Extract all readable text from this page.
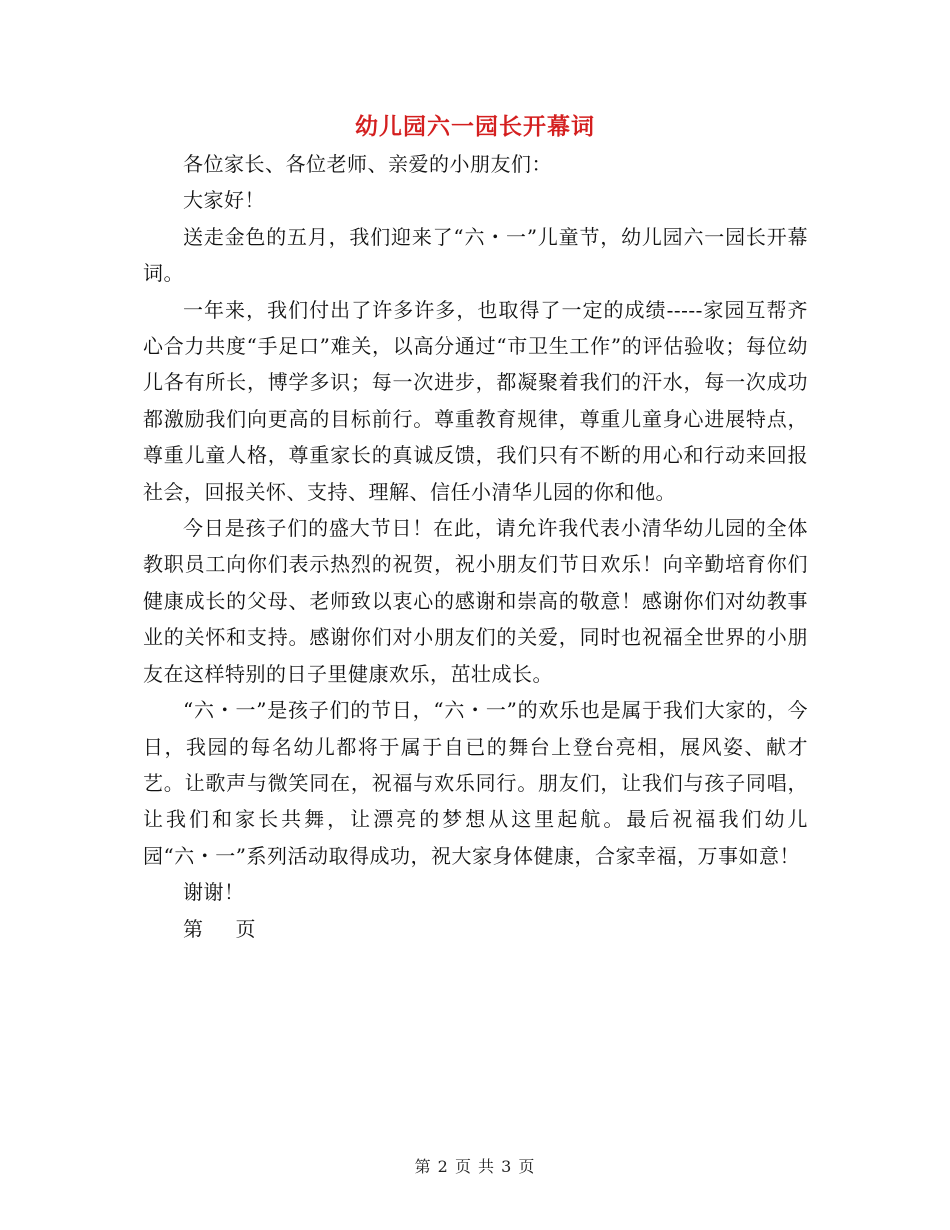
幼儿园六一园长开幕词

各位家长、各位老师、亲爱的小朋友们：

大家好！

送走金色的五月，我们迎来了“六・一”儿童节，幼儿园六一园长开幕词。

一年来，我们付出了许多许多，也取得了一定的成绩-----家园互帮齐心合力共度“手足口”难关，以高分通过“市卫生工作”的评估验收；每位幼儿各有所长，博学多识；每一次进步，都凝聚着我们的汗水，每一次成功都激励我们向更高的目标前行。尊重教育规律，尊重儿童身心进展特点，尊重儿童人格，尊重家长的真诚反馈，我们只有不断的用心和行动来回报社会，回报关怀、支持、理解、信任小清华儿园的你和他。

今日是孩子们的盛大节日！在此，请允许我代表小清华幼儿园的全体教职员工向你们表示热烈的祝贺，祝小朋友们节日欢乐！向辛勤培育你们健康成长的父母、老师致以衷心的感谢和崇高的敬意！感谢你们对幼教事业的关怀和支持。感谢你们对小朋友们的关爱，同时也祝福全世界的小朋友在这样特别的日子里健康欢乐，茁壮成长。

“六・一”是孩子们的节日，“六・一”的欢乐也是属于我们大家的，今日，我园的每名幼儿都将于属于自已的舞台上登台亮相，展风姿、献才艺。让歌声与微笑同在，祝福与欢乐同行。朋友们，让我们与孩子同唱，让我们和家长共舞，让漂亮的梦想从这里起航。最后祝福我们幼儿园“六・一”系列活动取得成功，祝大家身体健康，合家幸福，万事如意！

谢谢！

第 页

第 2 页 共 3 页
